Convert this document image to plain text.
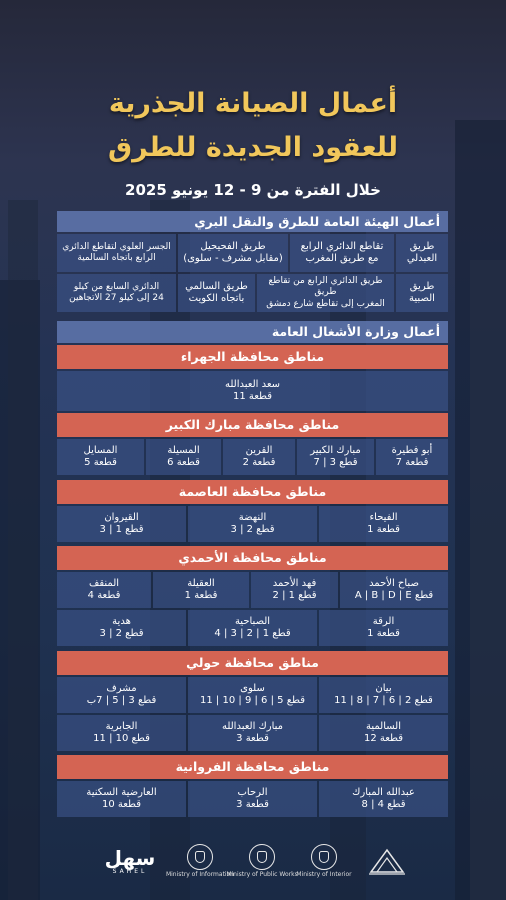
أعمال الصيانة الجذرية
للعقود الجديدة للطرق
خلال الفترة من 9 - 12 يونيو 2025
أعمال الهيئة العامة للطرق والنقل البري
طريق
العبدلي
تقاطع الدائري الرابع
مع طريق المغرب
طريق الفحيحيل
(مقابل مشرف - سلوى)
الجسر العلوي لتقاطع الدائري
الرابع باتجاه السالمية
طريق
الصبية
طريق الدائري الرابع من تقاطع طريق
المغرب إلى تقاطع شارع دمشق
طريق السالمي
باتجاه الكويت
الدائري السابع من كيلو
24 إلى كيلو 27 الاتجاهين
أعمال وزارة الأشغال العامة
مناطق محافظة الجهراء
سعد العبدالله
قطعة 11
مناطق محافظة مبارك الكبير
أبو فطيرة
قطعة 7
مبارك الكبير
قطع 3 | 7
القرين
قطعة 2
المسيلة
قطعة 6
المسايل
قطعة 5
مناطق محافظة العاصمة
الفيحاء
قطعة 1
النهضة
قطع 2 | 3
القيروان
قطع 1 | 3
مناطق محافظة الأحمدي
صباح الأحمد
قطع A | B | D | E
فهد الأحمد
قطع 1 | 2
العقيلة
قطعة 1
المنقف
قطعة 4
الرقة
قطعة 1
الصباحية
قطع 1 | 2 | 3 | 4
هدية
قطع 2 | 3
مناطق محافظة حولي
بيان
قطع 2 | 6 | 7 | 8 | 11
سلوى
قطع 5 | 6 | 9 | 10 | 11
مشرف
قطع 3 | 5 | 7ب
السالمية
قطعة 12
مبارك العبدالله
قطعة 3
الجابرية
قطع 10 | 11
مناطق محافظة الفروانية
عبدالله المبارك
قطع 4 | 8
الرحاب
قطعة 3
العارضية السكنية
قطعة 10
سهل
SAHEL	Ministry of Information
Ministry of Public Works
Ministry of Interior
